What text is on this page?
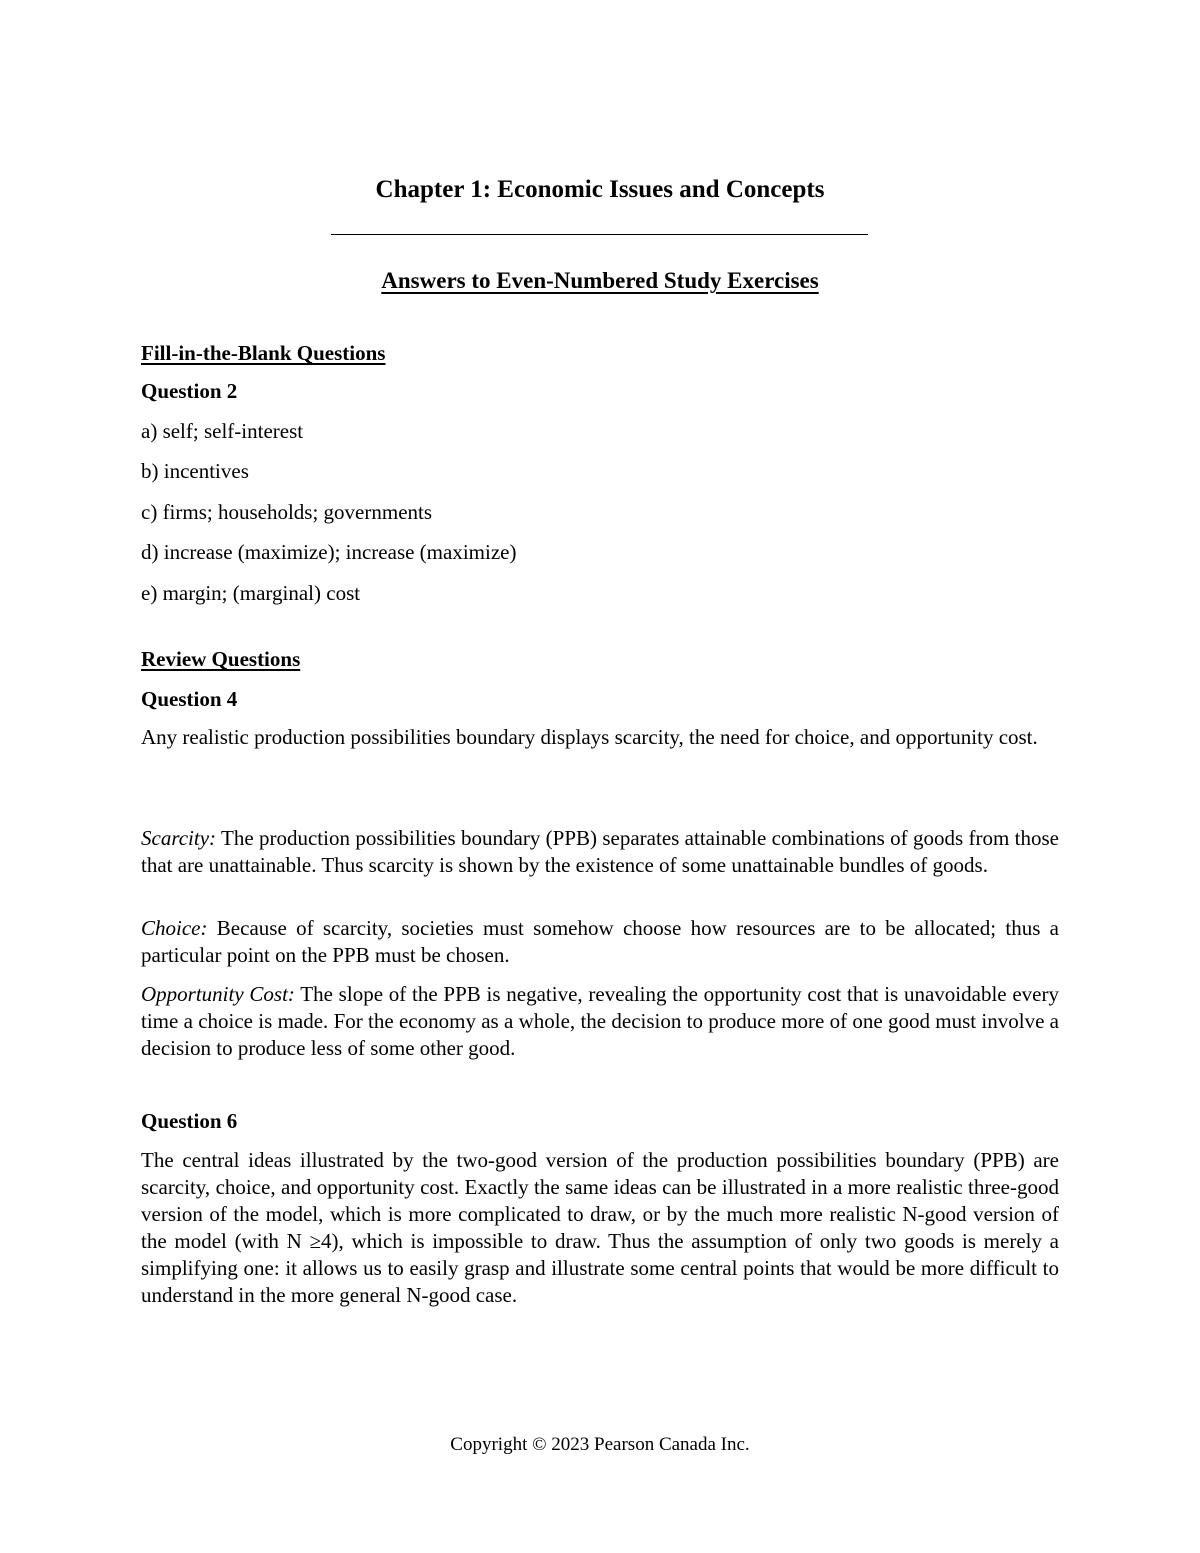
Chapter 1: Economic Issues and Concepts
Answers to Even-Numbered Study Exercises
Fill-in-the-Blank Questions
Question 2
a) self; self-interest
b) incentives
c) firms; households; governments
d) increase (maximize); increase (maximize)
e) margin; (marginal) cost
Review Questions
Question 4
Any realistic production possibilities boundary displays scarcity, the need for choice, and opportunity cost.
Scarcity: The production possibilities boundary (PPB) separates attainable combinations of goods from those that are unattainable. Thus scarcity is shown by the existence of some unattainable bundles of goods.
Choice: Because of scarcity, societies must somehow choose how resources are to be allocated; thus a particular point on the PPB must be chosen.
Opportunity Cost: The slope of the PPB is negative, revealing the opportunity cost that is unavoidable every time a choice is made. For the economy as a whole, the decision to produce more of one good must involve a decision to produce less of some other good.
Question 6
The central ideas illustrated by the two-good version of the production possibilities boundary (PPB) are scarcity, choice, and opportunity cost. Exactly the same ideas can be illustrated in a more realistic three-good version of the model, which is more complicated to draw, or by the much more realistic N-good version of the model (with N ≥4), which is impossible to draw. Thus the assumption of only two goods is merely a simplifying one: it allows us to easily grasp and illustrate some central points that would be more difficult to understand in the more general N-good case.
Copyright © 2023 Pearson Canada Inc.
